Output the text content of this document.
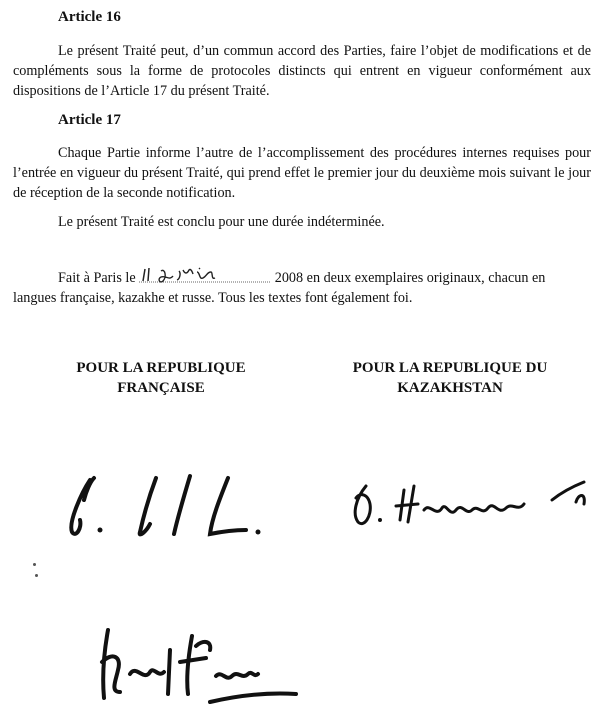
Article 16

Le présent Traité peut, d’un commun accord des Parties, faire l’objet de modifications et de compléments sous la forme de protocoles distincts qui entrent en vigueur conformément aux dispositions de l’Article 17 du présent Traité.

Article 17

Chaque Partie informe l’autre de l’accomplissement des procédures internes requises pour l’entrée en vigueur du présent Traité, qui prend effet le premier jour du deuxième mois suivant le jour de réception de la seconde notification.

Le présent Traité est conclu pour une durée indéterminée.

Fait à Paris le	2008 en deux exemplaires originaux, chacun en langues française, kazakhe et russe. Tous les textes font également foi.

POUR LA REPUBLIQUE
FRANÇAISE
POUR LA REPUBLIQUE DU
KAZAKHSTAN
